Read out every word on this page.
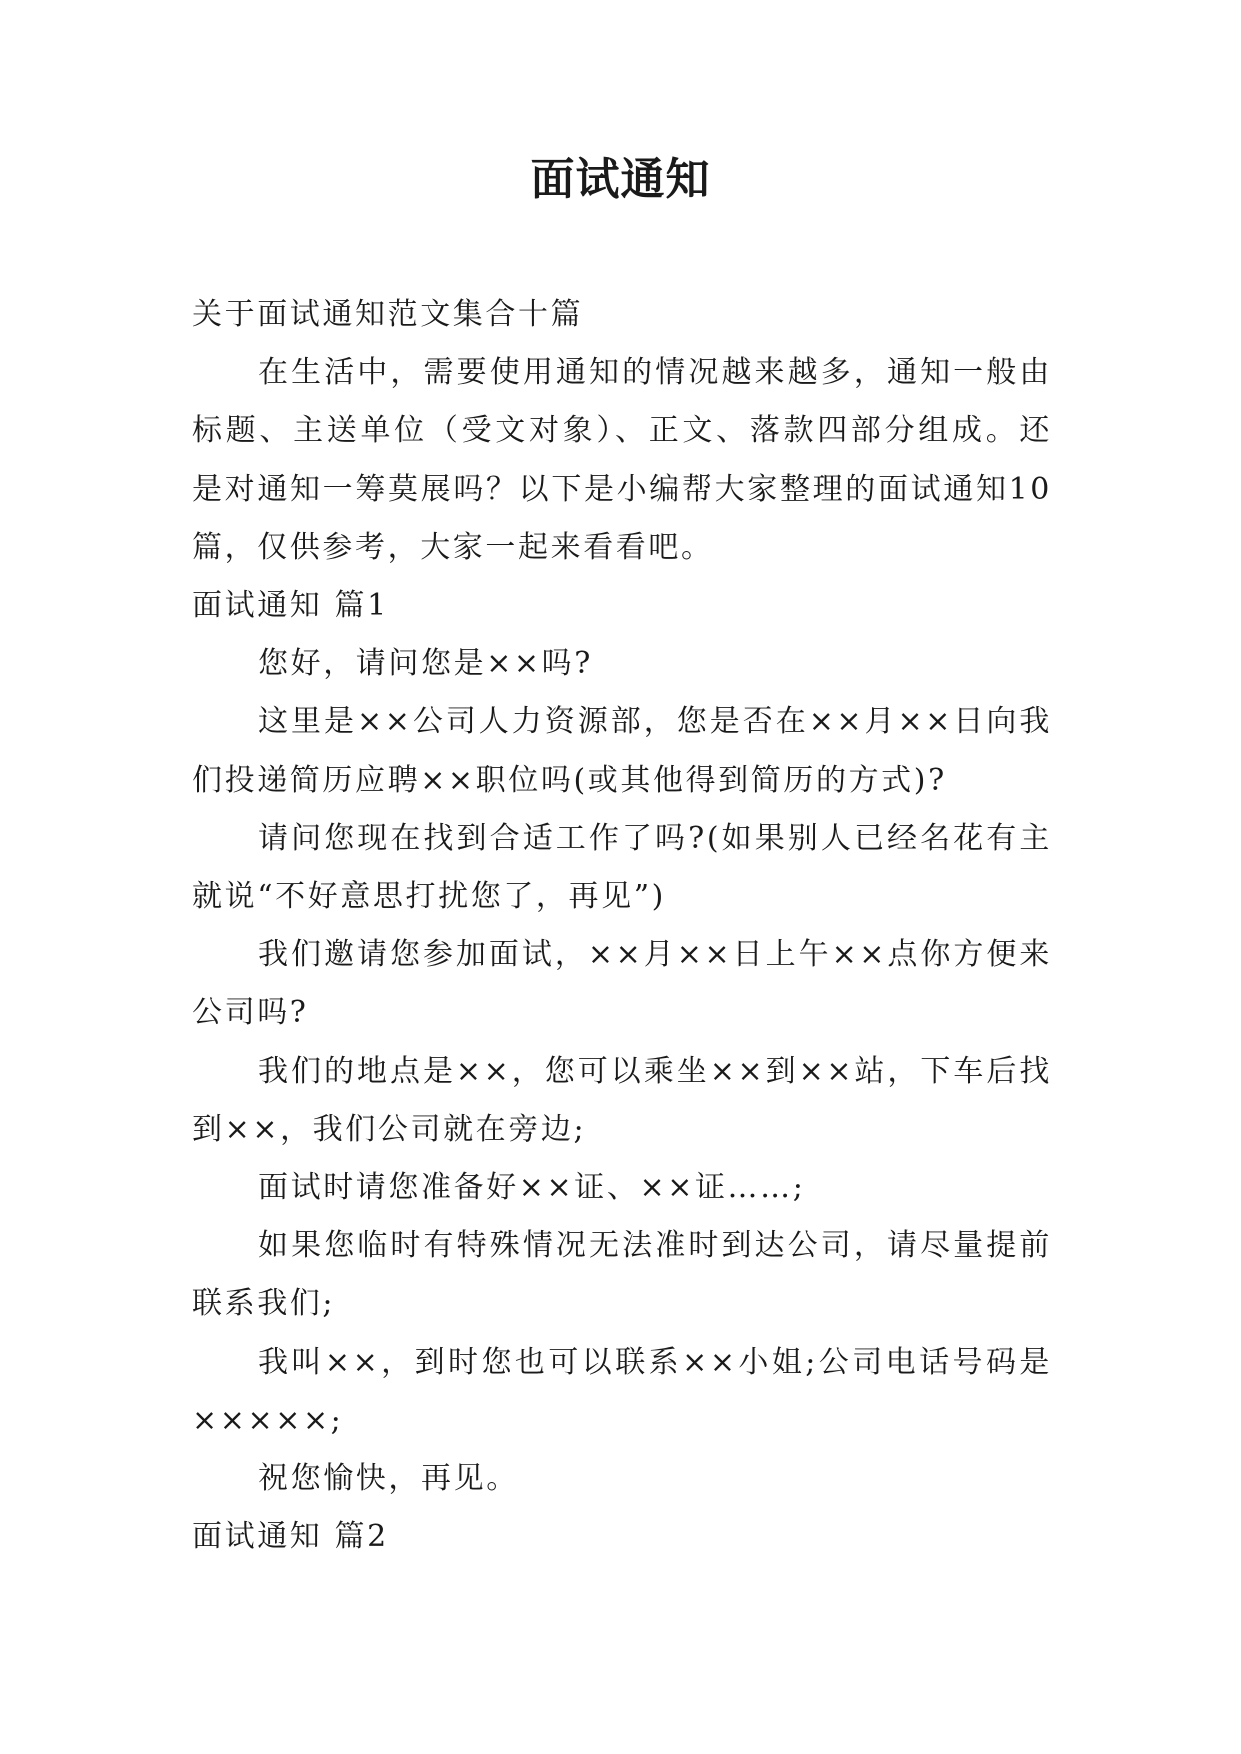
面试通知

关于面试通知范文集合十篇

在生活中，需要使用通知的情况越来越多，通知一般由标题、主送单位（受文对象）、正文、落款四部分组成。还是对通知一筹莫展吗？以下是小编帮大家整理的面试通知10篇，仅供参考，大家一起来看看吧。

面试通知 篇1

您好，请问您是××吗?

这里是××公司人力资源部，您是否在××月××日向我们投递简历应聘××职位吗(或其他得到简历的方式)?

请问您现在找到合适工作了吗?(如果别人已经名花有主就说“不好意思打扰您了，再见”)

我们邀请您参加面试，××月××日上午××点你方便来公司吗?

我们的地点是××，您可以乘坐××到××站，下车后找到××，我们公司就在旁边;

面试时请您准备好××证、××证……;

如果您临时有特殊情况无法准时到达公司，请尽量提前联系我们;

我叫××，到时您也可以联系××小姐;公司电话号码是×××××;

祝您愉快，再见。

面试通知 篇2
